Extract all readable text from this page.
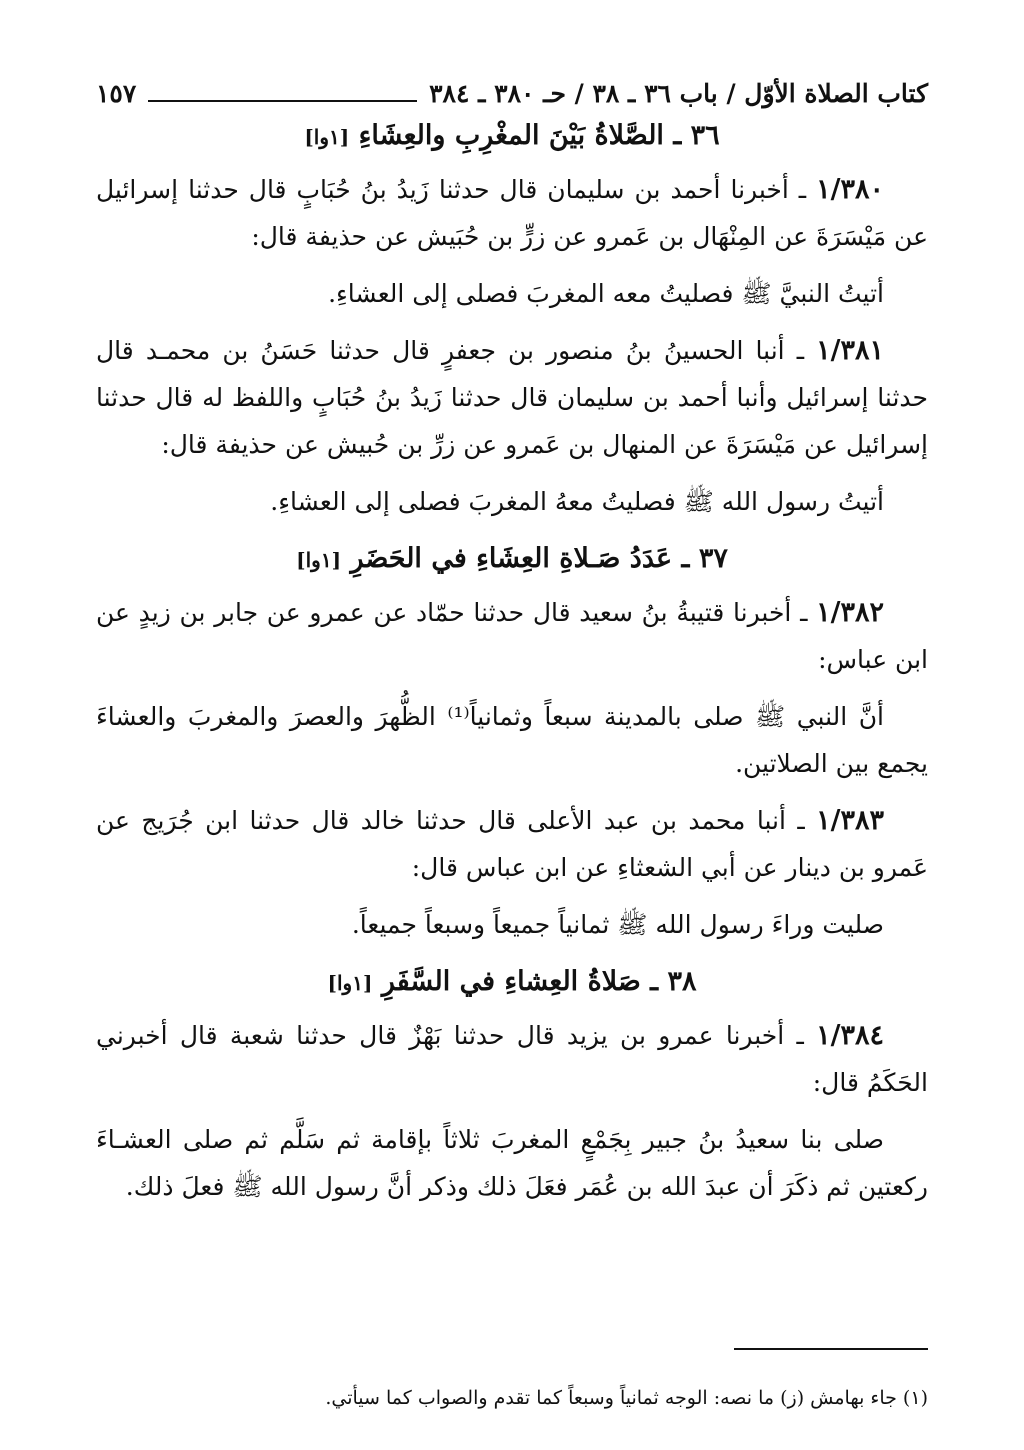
كتاب الصلاة الأوّل / باب ٣٦ ـ ٣٨ / حـ ٣٨٠ ـ ٣٨٤
١٥٧
٣٦ ـ الصَّلاةُ بَيْنَ المغْرِبِ والعِشَاءِ [١وا]

١/٣٨٠ ـ أخبرنا أحمد بن سليمان قال حدثنا زَيدُ بنُ حُبَابٍ قال حدثنا إسرائيل عن مَيْسَرَةَ عن المِنْهَال بن عَمرو عن زرٍّ بن حُبَيش عن حذيفة قال:

أتيتُ النبيَّ ﷺ فصليتُ معه المغربَ فصلى إلى العشاءِ.

١/٣٨١ ـ أنبا الحسينُ بنُ منصور بن جعفرٍ قال حدثنا حَسَنُ بن محمـد قال حدثنا إسرائيل وأنبا أحمد بن سليمان قال حدثنا زَيدُ بنُ حُبَابٍ واللفظ له قال حدثنا إسرائيل عن مَيْسَرَةَ عن المنهال بن عَمرو عن زرِّ بن حُبيش عن حذيفة قال:

أتيتُ رسول الله ﷺ فصليتُ معهُ المغربَ فصلى إلى العشاءِ.

٣٧ ـ عَدَدُ صَـلاةِ العِشَاءِ في الحَضَرِ [١وا]

١/٣٨٢ ـ أخبرنا قتيبةُ بنُ سعيد قال حدثنا حمّاد عن عمرو عن جابر بن زيدٍ عن ابن عباس:

أنَّ النبي ﷺ صلى بالمدينة سبعاً وثمانياً⁽¹⁾ الظُّهرَ والعصرَ والمغربَ والعشاءَ يجمع بين الصلاتين.

١/٣٨٣ ـ أنبا محمد بن عبد الأعلى قال حدثنا خالد قال حدثنا ابن جُرَيج عن عَمرو بن دينار عن أبي الشعثاءِ عن ابن عباس قال:

صليت وراءَ رسول الله ﷺ ثمانياً جميعاً وسبعاً جميعاً.

٣٨ ـ صَلاةُ العِشاءِ في السَّفَرِ [١وا]

١/٣٨٤ ـ أخبرنا عمرو بن يزيد قال حدثنا بَهْزٌ قال حدثنا شعبة قال أخبرني الحَكَمُ قال:

صلى بنا سعيدُ بنُ جبير بِجَمْعٍ المغربَ ثلاثاً بإقامة ثم سَلَّم ثم صلى العشـاءَ ركعتين ثم ذكَرَ أن عبدَ الله بن عُمَر فعَلَ ذلك وذكر أنَّ رسول الله ﷺ فعلَ ذلك.

(١) جاء بهامش (ز) ما نصه: الوجه ثمانياً وسبعاً كما تقدم والصواب كما سيأتي.
